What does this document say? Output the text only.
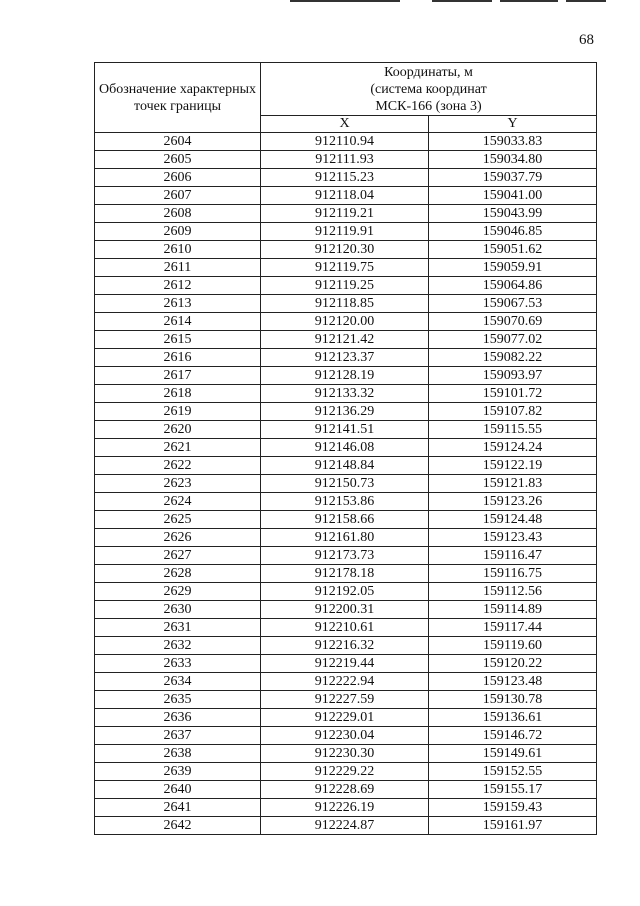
68
Обозначение характерных точек границы	Координаты, м
(система координат
МСК-166 (зона 3)	

	X	Y
2604	912110.94	159033.83
2605	912111.93	159034.80
2606	912115.23	159037.79
2607	912118.04	159041.00
2608	912119.21	159043.99
2609	912119.91	159046.85
2610	912120.30	159051.62
2611	912119.75	159059.91
2612	912119.25	159064.86
2613	912118.85	159067.53
2614	912120.00	159070.69
2615	912121.42	159077.02
2616	912123.37	159082.22
2617	912128.19	159093.97
2618	912133.32	159101.72
2619	912136.29	159107.82
2620	912141.51	159115.55
2621	912146.08	159124.24
2622	912148.84	159122.19
2623	912150.73	159121.83
2624	912153.86	159123.26
2625	912158.66	159124.48
2626	912161.80	159123.43
2627	912173.73	159116.47
2628	912178.18	159116.75
2629	912192.05	159112.56
2630	912200.31	159114.89
2631	912210.61	159117.44
2632	912216.32	159119.60
2633	912219.44	159120.22
2634	912222.94	159123.48
2635	912227.59	159130.78
2636	912229.01	159136.61
2637	912230.04	159146.72
2638	912230.30	159149.61
2639	912229.22	159152.55
2640	912228.69	159155.17
2641	912226.19	159159.43
2642	912224.87	159161.97
